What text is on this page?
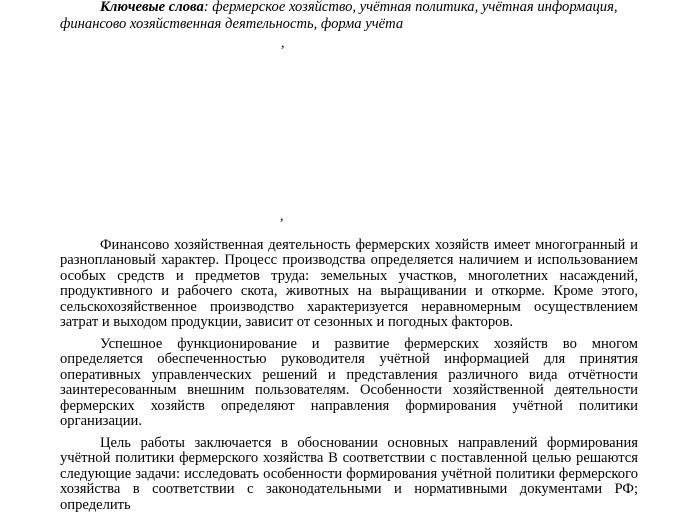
Ключевые слова: фермерское хозяйство, учётная политика, учётная информация,
финансово хозяйственная деятельность, форма учёта
,
,

Финансово хозяйственная деятельность фермерских хозяйств имеет многогранный и разноплановый характер. Процесс производства определяется наличием и использованием особых средств и предметов труда: земельных участков, многолетних насаждений, продуктивного и рабочего скота, животных на выращивании и откорме. Кроме этого, сельскохозяйственное производство характеризуется неравномерным осуществлением затрат и выходом продукции, зависит от сезонных и погодных факторов.

Успешное функционирование и развитие фермерских хозяйств во многом определяется обеспеченностью руководителя учётной информацией для принятия оперативных управленческих решений и представления различного вида отчётности заинтересованным внешним пользователям. Особенности хозяйственной деятельности фермерских хозяйств определяют направления формирования учётной политики организации.

Цель работы заключается в обосновании основных направлений формирования учётной политики фермерского хозяйства В соответствии с поставленной целью решаются следующие задачи: исследовать особенности формирования учётной политики фермерского хозяйства в соответствии с законодательными и нормативными документами РФ; определить
